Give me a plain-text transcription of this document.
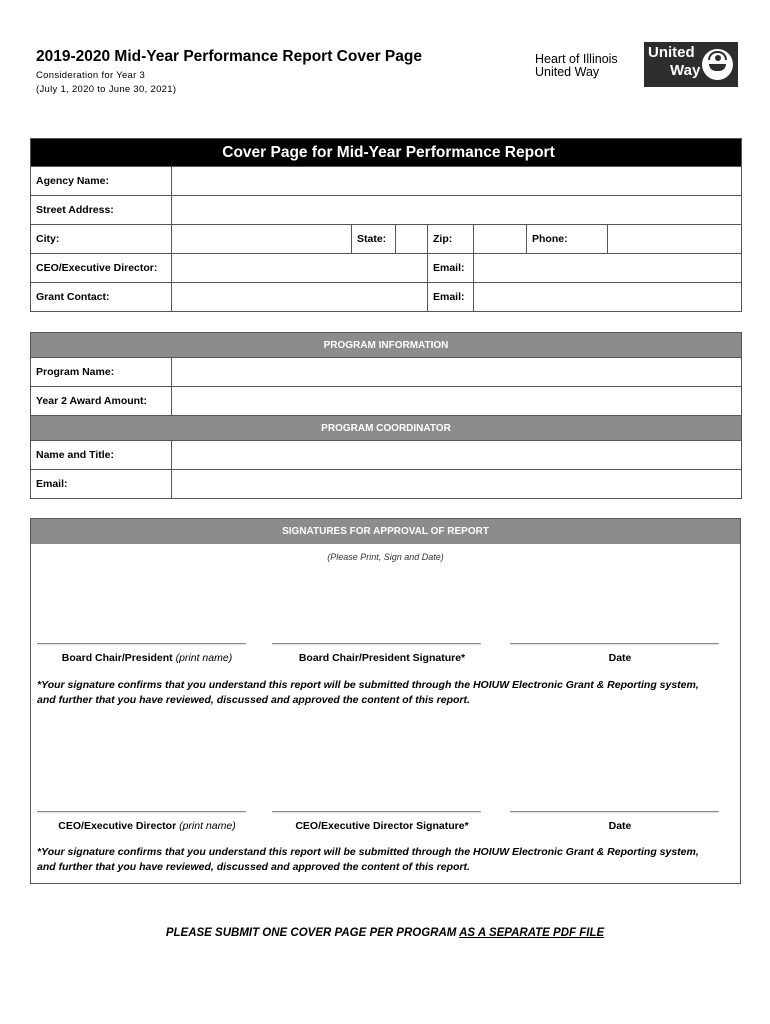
2019-2020 Mid-Year Performance Report Cover Page
Consideration for Year 3
(July 1, 2020 to June 30, 2021)
Heart of Illinois
United Way
United
Way
Cover Page for Mid-Year Performance Report							
Agency Name:							
Street Address:							
City:		State:		Zip:		Phone:	
CEO/Executive Director:				Email:			
Grant Contact:				Email:			
PROGRAM INFORMATION	
Program Name:	
Year 2 Award Amount:	
PROGRAM COORDINATOR	
Name and Title:	
Email:	
SIGNATURES FOR APPROVAL OF REPORT
(Please Print, Sign and Date)
_______________________________________	_______________________________________	_______________________________________
Board Chair/President (print name)	Board Chair/President Signature*	Date
*Your signature confirms that you understand this report will be submitted through the HOIUW Electronic Grant & Reporting system,
and further that you have reviewed, discussed and approved the content of this report.
_______________________________________	_______________________________________	_______________________________________
CEO/Executive Director (print name)	CEO/Executive Director Signature*	Date
*Your signature confirms that you understand this report will be submitted through the HOIUW Electronic Grant & Reporting system,
and further that you have reviewed, discussed and approved the content of this report.
PLEASE SUBMIT ONE COVER PAGE PER PROGRAM AS A SEPARATE PDF FILE
